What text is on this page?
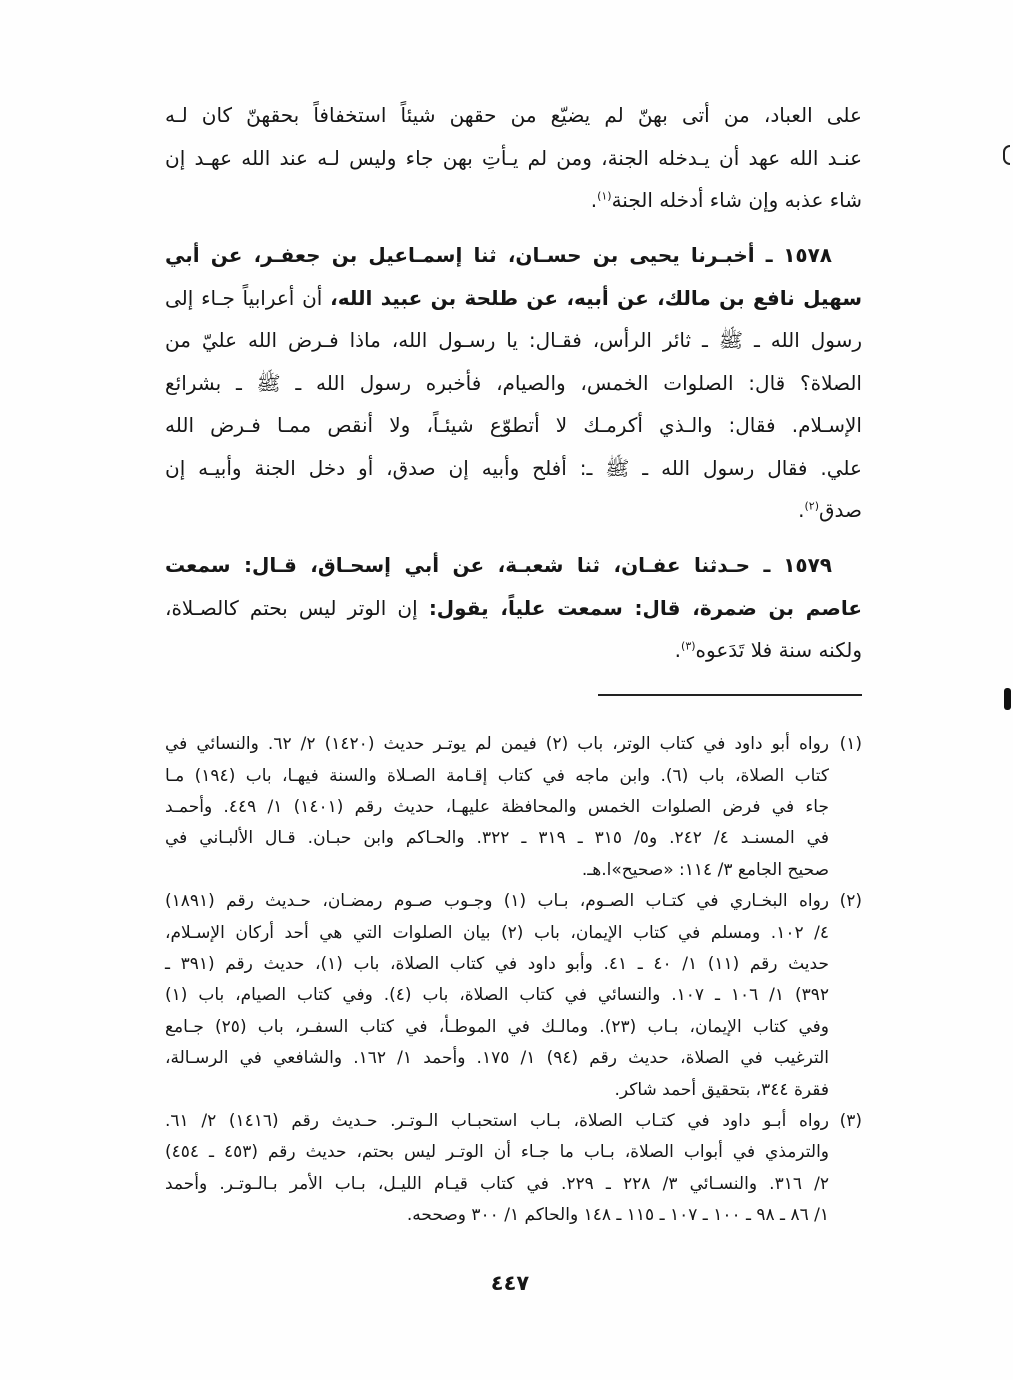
على العباد، من أتى بهنّ لم يضيّع من حقهن شيئاً استخفافاً بحقهنّ كان لـه
عنـد الله عهد أن يـدخله الجنة، ومن لم يـأتِ بهن جاء وليس لـه عند الله عهـد إن
شاء عذبه وإن شاء أدخله الجنة$^{(١)}$.
١٥٧٨ ـ أخبـرنا يحيى بن حسـان، ثنا إسمـاعيل بن جعفـر، عن أبي
سهيل نافع بن مالك، عن أبيه، عن طلحة بن عبيد الله، أن أعرابياً جـاء إلى
رسول الله ـ ﷺ ـ ثائر الرأس، فقـال: يا رسـول الله، ماذا فـرض الله عليّ من
الصلاة؟ قال: الصلوات الخمس، والصيام، فأخبره رسول الله ـ ﷺ ـ بشرائع
الإسـلام. فقال: والـذي أكرمـك لا أتطوّع شيئـاً، ولا أنقص ممـا فـرض الله
علي. فقال رسول الله ـ ﷺ ـ: أفلح وأبيه إن صدق، أو دخل الجنة وأبيـه إن
صدق$^{(٢)}$.
١٥٧٩ ـ حـدثنا عفـان، ثنا شعبـة، عن أبي إسحـاق، قـال: سمعت
عاصم بن ضمرة، قال: سمعت علياً، يقول: إن الوتر ليس بحتم كالصـلاة،
ولكنه سنة فلا تَدَعوه$^{(٣)}$.
(١)
رواه أبو داود في كتاب الوتر، باب (٢) فيمن لم يوتـر حديث (١٤٢٠) ٢/ ٦٢. والنسائي في
كتاب الصلاة، باب (٦). وابن ماجه في كتاب إقـامة الصـلاة والسنة فيهـا، باب (١٩٤) مـا
جاء في فرض الصلوات الخمس والمحافظة عليهـا، حديث رقم (١٤٠١) ١/ ٤٤٩. وأحمـد
في المسنـد ٤/ ٢٤٢. و٥/ ٣١٥ ـ ٣١٩ ـ ٣٢٢. والحـاكم وابن حبـان. قـال الألبـاني في
صحيح الجامع ٣/ ١١٤: «صحيح»ا.هـ.
(٢)
رواه البخـاري في كتـاب الصـوم، بـاب (١) وجـوب صـوم رمضـان، حـديث رقم (١٨٩١)
٤/ ١٠٢. ومسلم في كتاب الإيمان، باب (٢) بيان الصلوات التي هي أحد أركان الإسـلام،
حديث رقم (١١) ١/ ٤٠ ـ ٤١. وأبو داود في كتاب الصلاة، باب (١)، حديث رقم (٣٩١ ـ
٣٩٢) ١/ ١٠٦ ـ ١٠٧. والنسائي في كتاب الصلاة، باب (٤). وفي كتاب الصيام، باب (١)
وفي كتاب الإيمان، بـاب (٢٣). ومالـك في الموطـأ، في كتاب السفـر، باب (٢٥) جـامع
الترغيب في الصلاة، حديث رقم (٩٤) ١/ ١٧٥. وأحمد ١/ ١٦٢. والشافعي في الرسـالة،
فقرة ٣٤٤، بتحقيق أحمد شاكر.
(٣)
رواه أبـو داود في كتـاب الصلاة، بـاب استحبـاب الـوتـر. حـديث رقم (١٤١٦) ٢/ ٦١.
والترمذي في أبواب الصلاة، بـاب ما جـاء أن الوتـر ليس بحتم، حديث رقم (٤٥٣ ـ ٤٥٤)
٢/ ٣١٦. والنسـائي ٣/ ٢٢٨ ـ ٢٢٩. في كتاب قيـام الليـل، بـاب الأمر بـالـوتـر. وأحمد
١/ ٨٦ ـ ٩٨ ـ ١٠٠ ـ ١٠٧ ـ ١١٥ ـ ١٤٨ والحاكم ١/ ٣٠٠ وصححه.
٤٤٧
